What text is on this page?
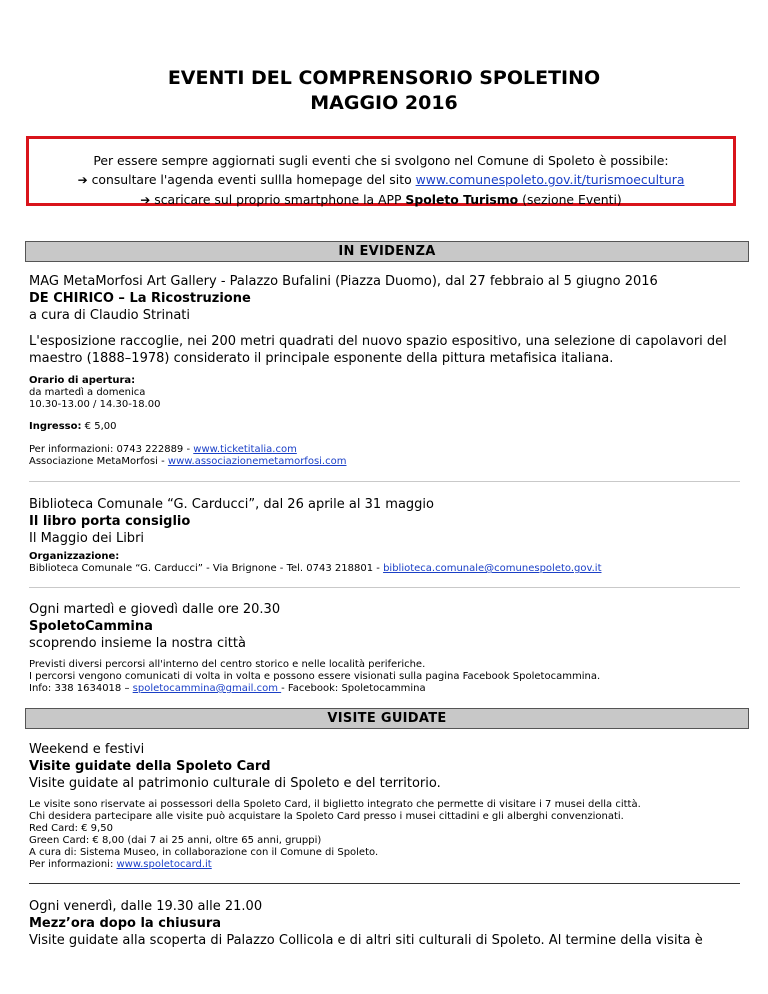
EVENTI DEL COMPRENSORIO SPOLETINO
MAGGIO 2016
Per essere sempre aggiornati sugli eventi che si svolgono nel Comune di Spoleto è possibile:
➔ consultare l'agenda eventi sullla homepage del sito www.comunespoleto.gov.it/turismoecultura
➔ scaricare sul proprio smartphone la APP Spoleto Turismo (sezione Eventi)
IN EVIDENZA
MAG MetaMorfosi Art Gallery - Palazzo Bufalini (Piazza Duomo), dal 27 febbraio al 5 giugno 2016
DE CHIRICO – La Ricostruzione
a cura di Claudio Strinati
L'esposizione raccoglie, nei 200 metri quadrati del nuovo spazio espositivo, una selezione di capolavori del
maestro (1888–1978) considerato il principale esponente della pittura metafisica italiana.
Orario di apertura:
da martedì a domenica
10.30-13.00 / 14.30-18.00
Ingresso: € 5,00
Per informazioni: 0743 222889 - www.ticketitalia.com
Associazione MetaMorfosi - www.associazionemetamorfosi.com
Biblioteca Comunale “G. Carducci”, dal 26 aprile al 31 maggio
Il libro porta consiglio
Il Maggio dei Libri
Organizzazione:
Biblioteca Comunale “G. Carducci” - Via Brignone - Tel. 0743 218801 - biblioteca.comunale@comunespoleto.gov.it
Ogni martedì e giovedì dalle ore 20.30
SpoletoCammina
scoprendo insieme la nostra città
Previsti diversi percorsi all'interno del centro storico e nelle località periferiche.
I percorsi vengono comunicati di volta in volta e possono essere visionati sulla pagina Facebook Spoletocammina.
Info: 338 1634018 – spoletocammina@gmail.com - Facebook: Spoletocammina
VISITE GUIDATE
Weekend e festivi
Visite guidate della Spoleto Card
Visite guidate al patrimonio culturale di Spoleto e del territorio.
Le visite sono riservate ai possessori della Spoleto Card, il biglietto integrato che permette di visitare i 7 musei della città.
Chi desidera partecipare alle visite può acquistare la Spoleto Card presso i musei cittadini e gli alberghi convenzionati.
Red Card: € 9,50
Green Card: € 8,00 (dai 7 ai 25 anni, oltre 65 anni, gruppi)
A cura di: Sistema Museo, in collaborazione con il Comune di Spoleto.
Per informazioni: www.spoletocard.it
Ogni venerdì, dalle 19.30 alle 21.00
Mezz’ora dopo la chiusura
Visite guidate alla scoperta di Palazzo Collicola e di altri siti culturali di Spoleto. Al termine della visita è
